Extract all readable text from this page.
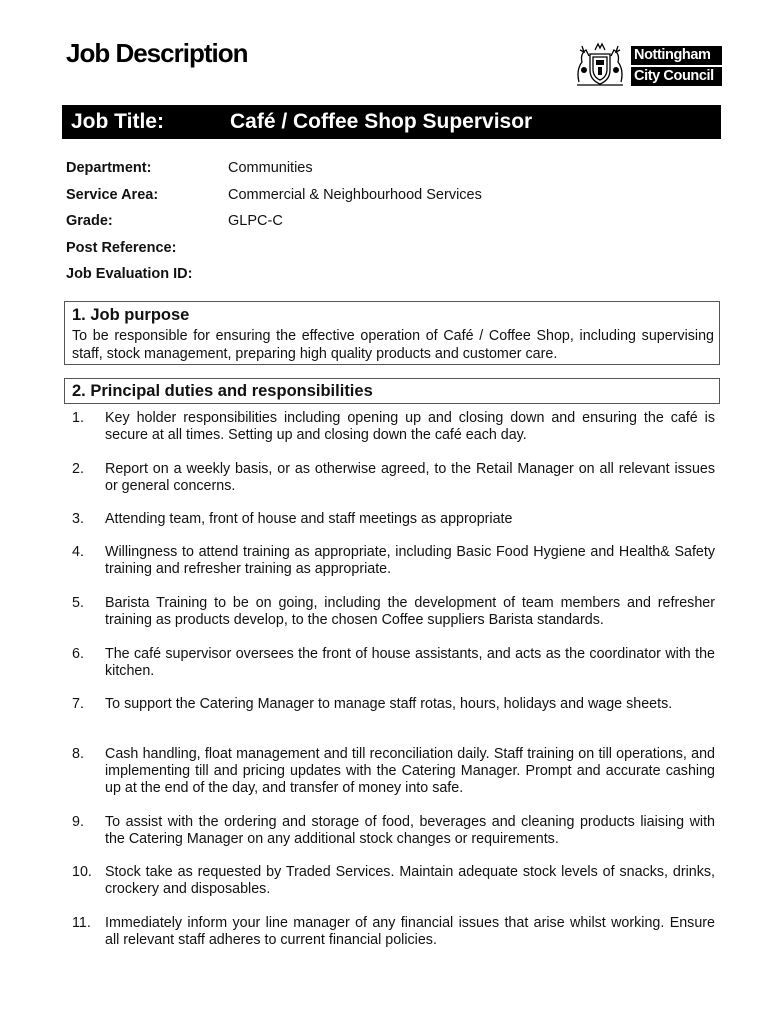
Job Description	Nottingham
City Council
Job Title:	Café / Coffee Shop Supervisor
Department:	Communities
Service Area:	Commercial & Neighbourhood Services
Grade:	GLPC-C
Post Reference:
Job Evaluation ID:
1. Job purpose
To be responsible for ensuring the effective operation of Café / Coffee Shop, including supervising staff, stock management, preparing high quality products and customer care.
2. Principal duties and responsibilities
1.	Key holder responsibilities including opening up and closing down and ensuring the café is secure at all times. Setting up and closing down the café each day.
2.	Report on a weekly basis, or as otherwise agreed, to the Retail Manager on all relevant issues or general concerns.
3.	Attending team, front of house and staff meetings as appropriate
4.	Willingness to attend training as appropriate, including Basic Food Hygiene and Health& Safety training and refresher training as appropriate.
5.	Barista Training to be on going, including the development of team members and refresher training as products develop, to the chosen Coffee suppliers Barista standards.
6.	The café supervisor oversees the front of house assistants, and acts as the coordinator with the kitchen.
7.	To support the Catering Manager to manage staff rotas, hours, holidays and wage sheets.
8.	Cash handling, float management and till reconciliation daily. Staff training on till operations, and implementing till and pricing updates with the Catering Manager. Prompt and accurate cashing up at the end of the day, and transfer of money into safe.
9.	To assist with the ordering and storage of food, beverages and cleaning products liaising with the Catering Manager on any additional stock changes or requirements.
10. Stock take as requested by Traded Services. Maintain adequate stock levels of snacks, drinks, crockery and disposables.
11. Immediately inform your line manager of any financial issues that arise whilst working. Ensure all relevant staff adheres to current financial policies.
